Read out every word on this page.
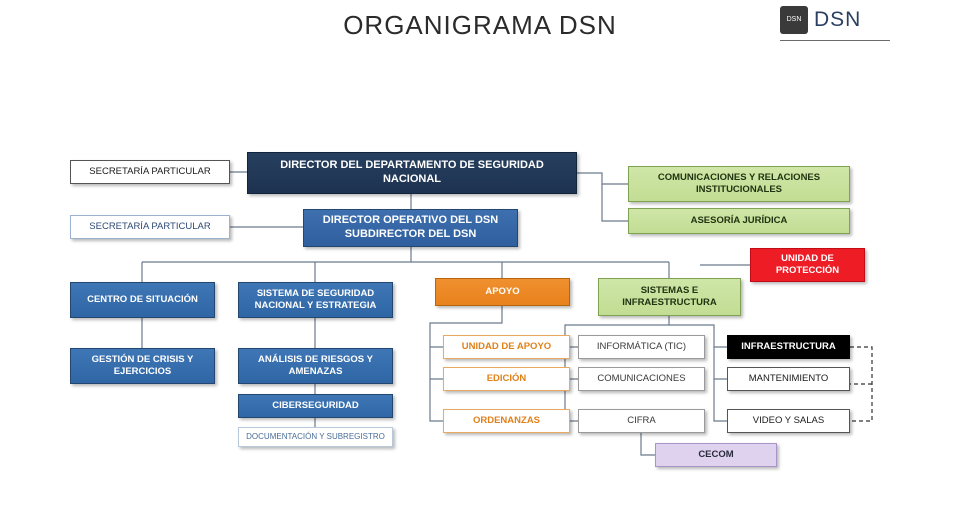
ORGANIGRAMA DSN	DSN DSN
SECRETARÍA PARTICULAR
DIRECTOR DEL DEPARTAMENTO DE SEGURIDAD NACIONAL	COMUNICACIONES Y RELACIONES INSTITUCIONALES
ASESORÍA JURÍDICA
SECRETARÍA PARTICULAR
DIRECTOR OPERATIVO DEL DSN SUBDIRECTOR DEL DSN
UNIDAD DE PROTECCIÓN
CENTRO DE SITUACIÓN
SISTEMA DE SEGURIDAD NACIONAL Y ESTRATEGIA
APOYO	SISTEMAS E INFRAESTRUCTURA
GESTIÓN DE CRISIS Y EJERCICIOS
ANÁLISIS DE RIESGOS Y AMENAZAS
UNIDAD DE APOYO	INFORMÁTICA (TIC)	INFRAESTRUCTURA
EDICIÓN	COMUNICACIONES	MANTENIMIENTO
CIBERSEGURIDAD
ORDENANZAS	CIFRA	VIDEO Y SALAS
DOCUMENTACIÓN Y SUBREGISTRO
CECOM
